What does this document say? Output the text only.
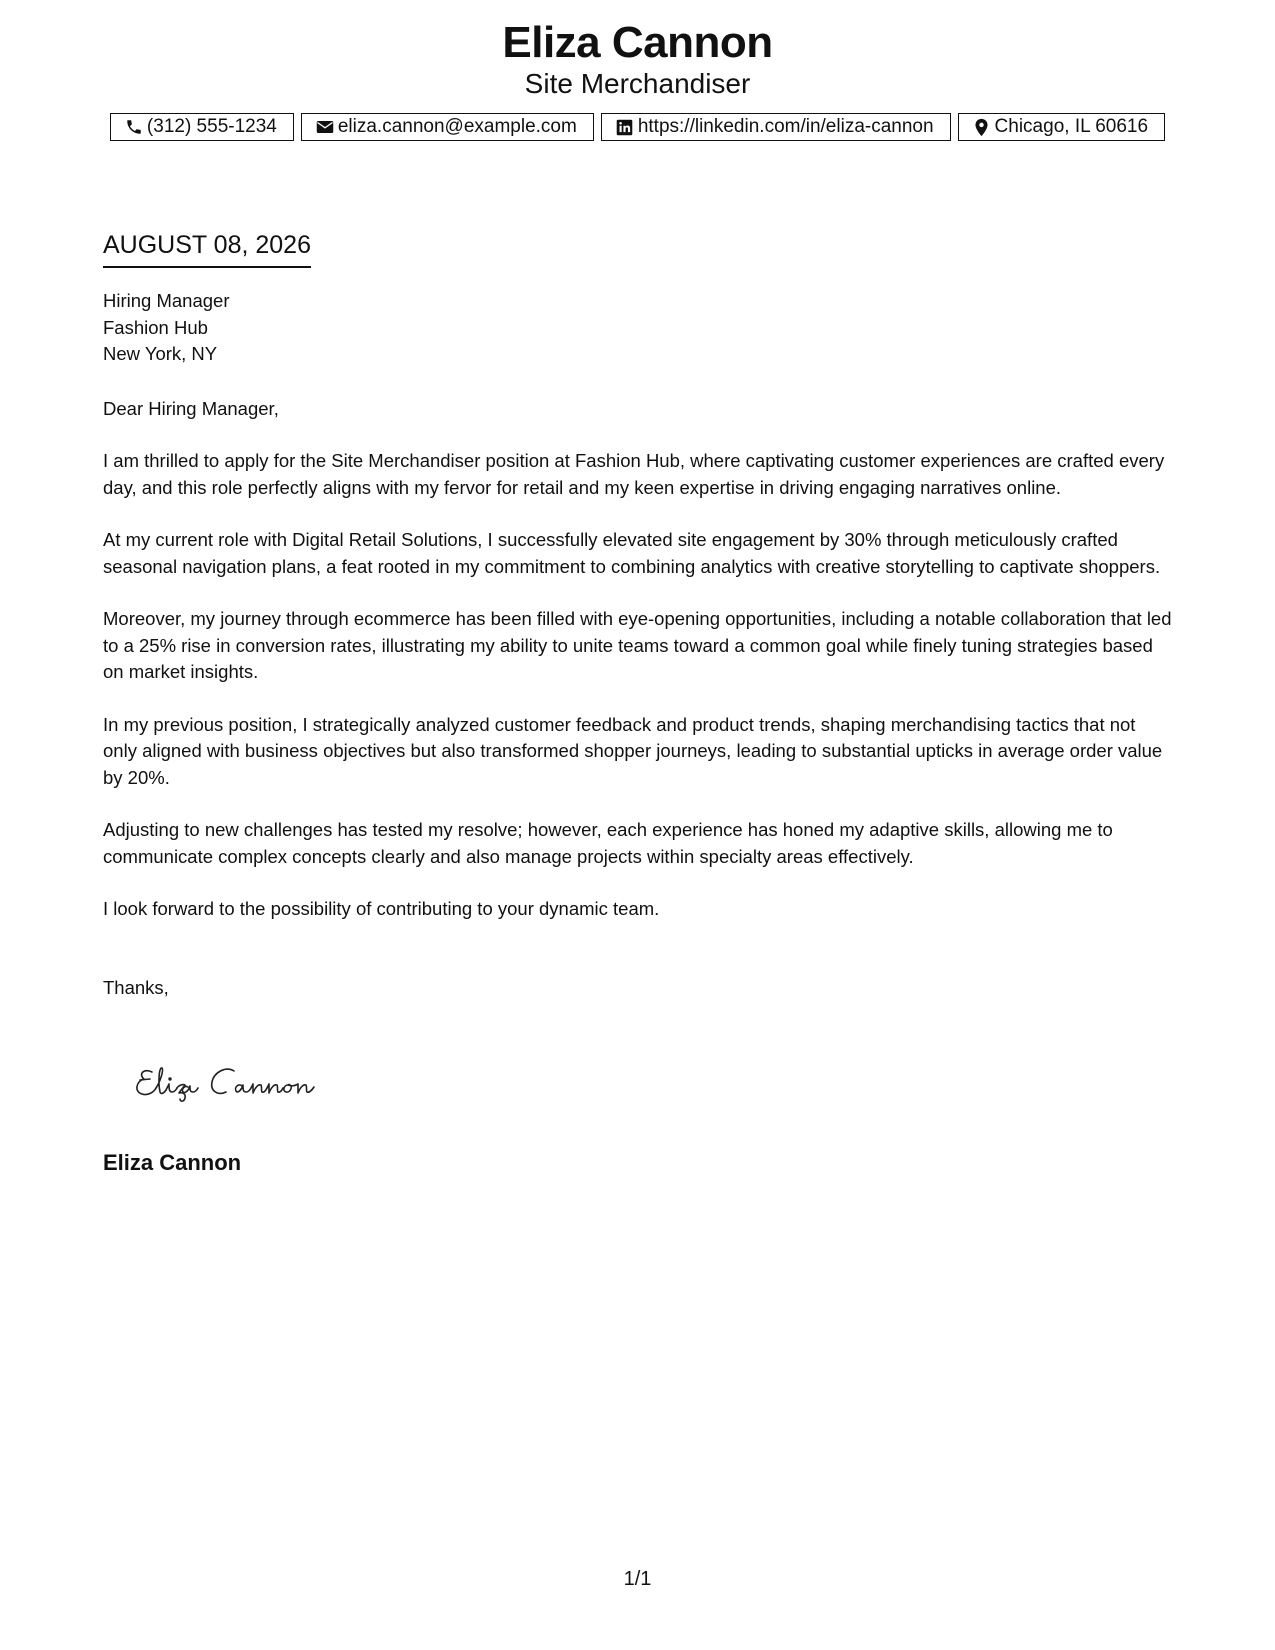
Eliza Cannon
Site Merchandiser
(312) 555-1234	eliza.cannon@example.com	https://linkedin.com/in/eliza-cannon	Chicago, IL 60616
AUGUST 08, 2026
Hiring Manager
Fashion Hub
New York, NY
Dear Hiring Manager,
I am thrilled to apply for the Site Merchandiser position at Fashion Hub, where captivating customer experiences are crafted every day, and this role perfectly aligns with my fervor for retail and my keen expertise in driving engaging narratives online.
At my current role with Digital Retail Solutions, I successfully elevated site engagement by 30% through meticulously crafted seasonal navigation plans, a feat rooted in my commitment to combining analytics with creative storytelling to captivate shoppers.
Moreover, my journey through ecommerce has been filled with eye-opening opportunities, including a notable collaboration that led to a 25% rise in conversion rates, illustrating my ability to unite teams toward a common goal while finely tuning strategies based on market insights.
In my previous position, I strategically analyzed customer feedback and product trends, shaping merchandising tactics that not only aligned with business objectives but also transformed shopper journeys, leading to substantial upticks in average order value by 20%.
Adjusting to new challenges has tested my resolve; however, each experience has honed my adaptive skills, allowing me to communicate complex concepts clearly and also manage projects within specialty areas effectively.
I look forward to the possibility of contributing to your dynamic team.
Thanks,
Eliza Cannon
1/1
